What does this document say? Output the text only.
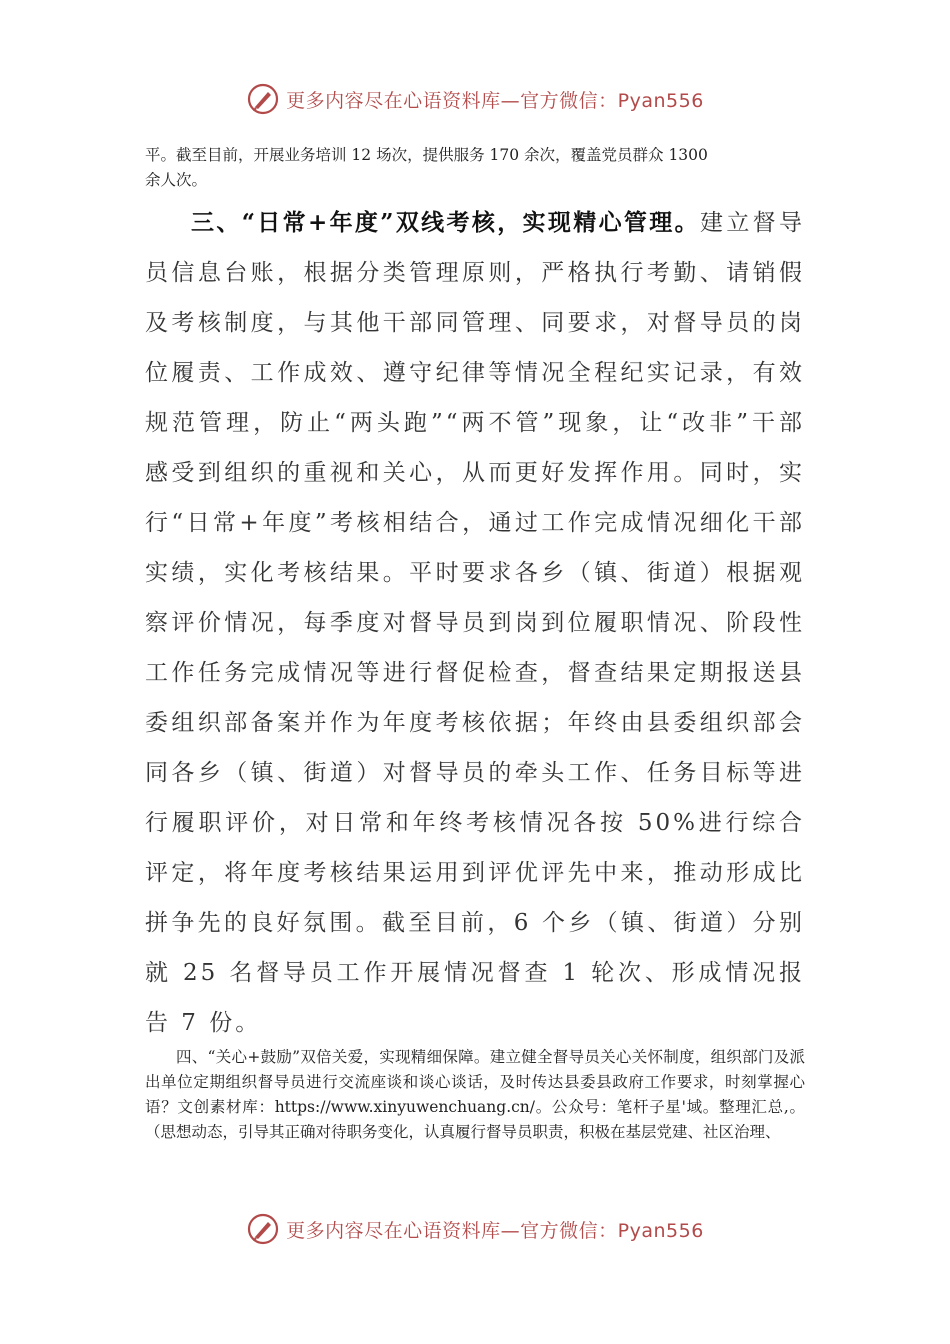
更多内容尽在心语资料库—官方微信：Pyan556

平。截至目前，开展业务培训 12 场次，提供服务 170 余次，覆盖党员群众 1300

余人次。

三、“日常+年度”双线考核，实现精心管理。建立督导员信息台账，根据分类管理原则，严格执行考勤、请销假及考核制度，与其他干部同管理、同要求，对督导员的岗位履责、工作成效、遵守纪律等情况全程纪实记录，有效规范管理，防止“两头跑”“两不管”现象，让“改非”干部感受到组织的重视和关心，从而更好发挥作用。同时，实行“日常+年度”考核相结合，通过工作完成情况细化干部实绩，实化考核结果。平时要求各乡（镇、街道）根据观察评价情况，每季度对督导员到岗到位履职情况、阶段性工作任务完成情况等进行督促检查，督查结果定期报送县委组织部备案并作为年度考核依据；年终由县委组织部会同各乡（镇、街道）对督导员的牵头工作、任务目标等进行履职评价，对日常和年终考核情况各按 50%进行综合评定，将年度考核结果运用到评优评先中来，推动形成比拼争先的良好氛围。截至目前，6 个乡（镇、街道）分别就 25 名督导员工作开展情况督查 1 轮次、形成情况报告 7 份。

四、“关心+鼓励”双倍关爱，实现精细保障。建立健全督导员关心关怀制度，组织部门及派出单位定期组织督导员进行交流座谈和谈心谈话，及时传达县委县政府工作要求，时刻掌握心语？文创素材库：https://www.xinyuwenchuang.cn/。公众号：笔杆子星'域。整理汇总,。（思想动态，引导其正确对待职务变化，认真履行督导员职责，积极在基层党建、社区治理、

更多内容尽在心语资料库—官方微信：Pyan556
